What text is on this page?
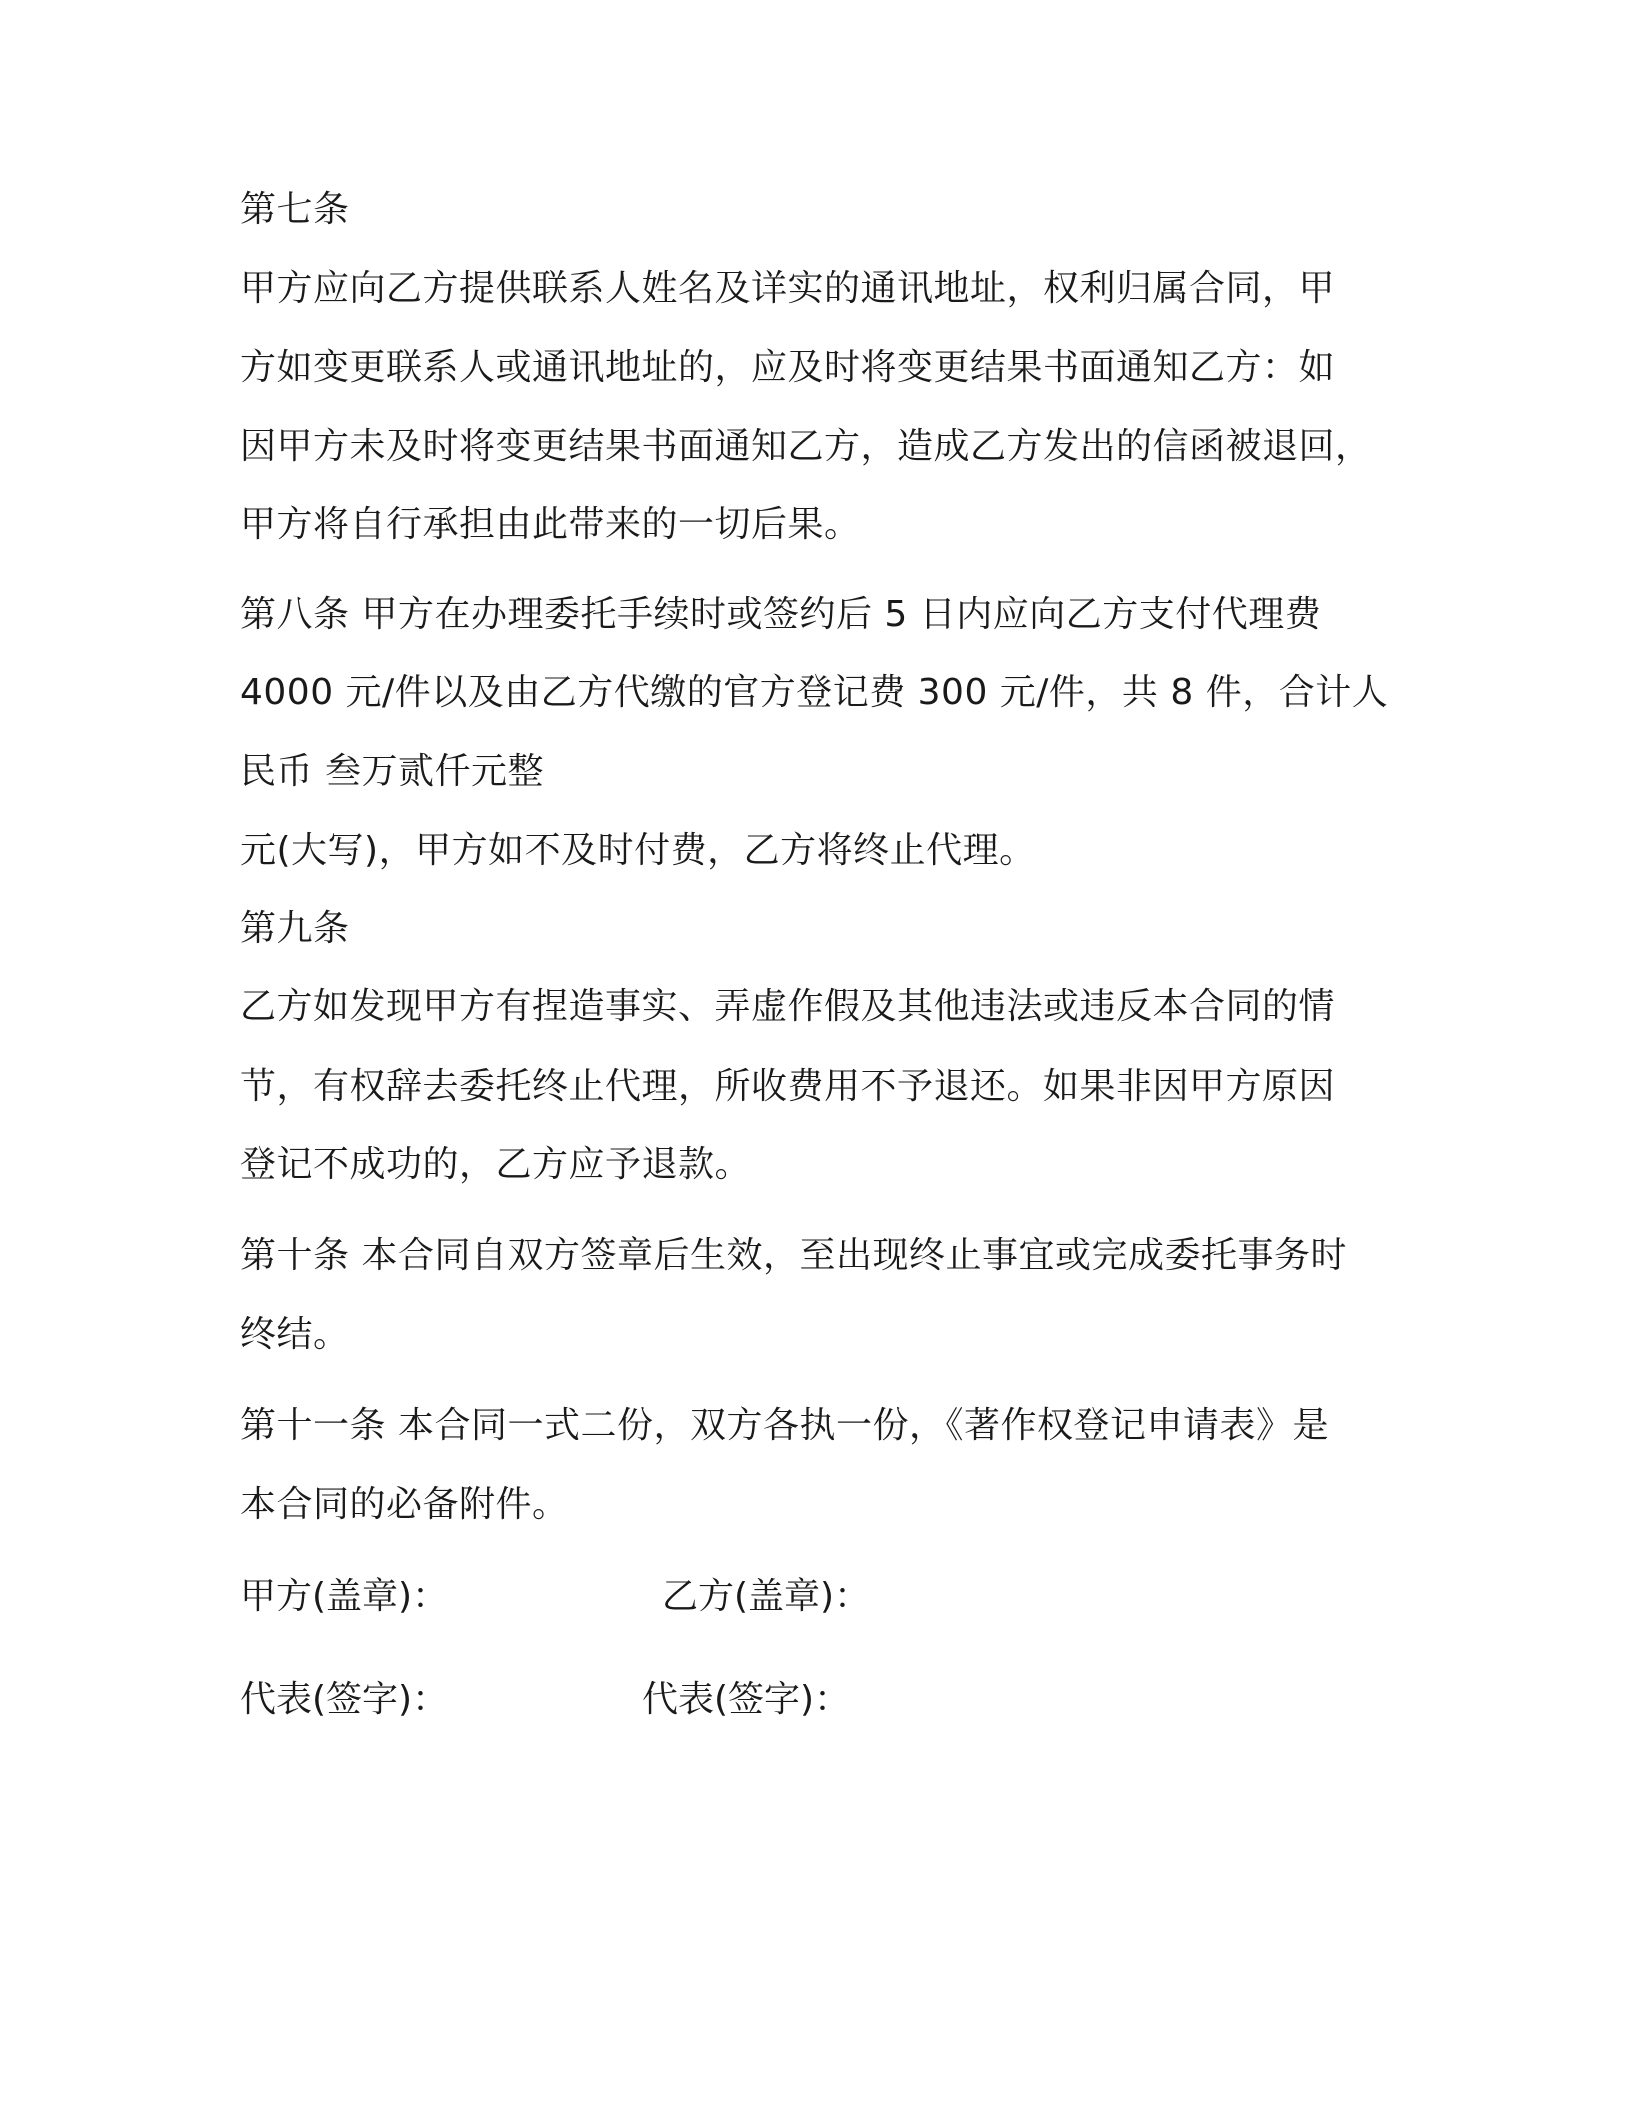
第七条

甲方应向乙方提供联系人姓名及详实的通讯地址，权利归属合同，甲

方如变更联系人或通讯地址的，应及时将变更结果书面通知乙方：如

因甲方未及时将变更结果书面通知乙方，造成乙方发出的信函被退回，

甲方将自行承担由此带来的一切后果。

第八条 甲方在办理委托手续时或签约后 5 日内应向乙方支付代理费

4000 元/件以及由乙方代缴的官方登记费 300 元/件，共 8 件，合计人

民币 叁万贰仟元整

元(大写)，甲方如不及时付费，乙方将终止代理。

第九条

乙方如发现甲方有捏造事实、弄虚作假及其他违法或违反本合同的情

节，有权辞去委托终止代理，所收费用不予退还。如果非因甲方原因

登记不成功的，乙方应予退款。

第十条 本合同自双方签章后生效，至出现终止事宜或完成委托事务时

终结。

第十一条 本合同一式二份，双方各执一份，《著作权登记申请表》是

本合同的必备附件。

甲方(盖章)：	乙方(盖章)：
代表(签字)：	代表(签字)：
